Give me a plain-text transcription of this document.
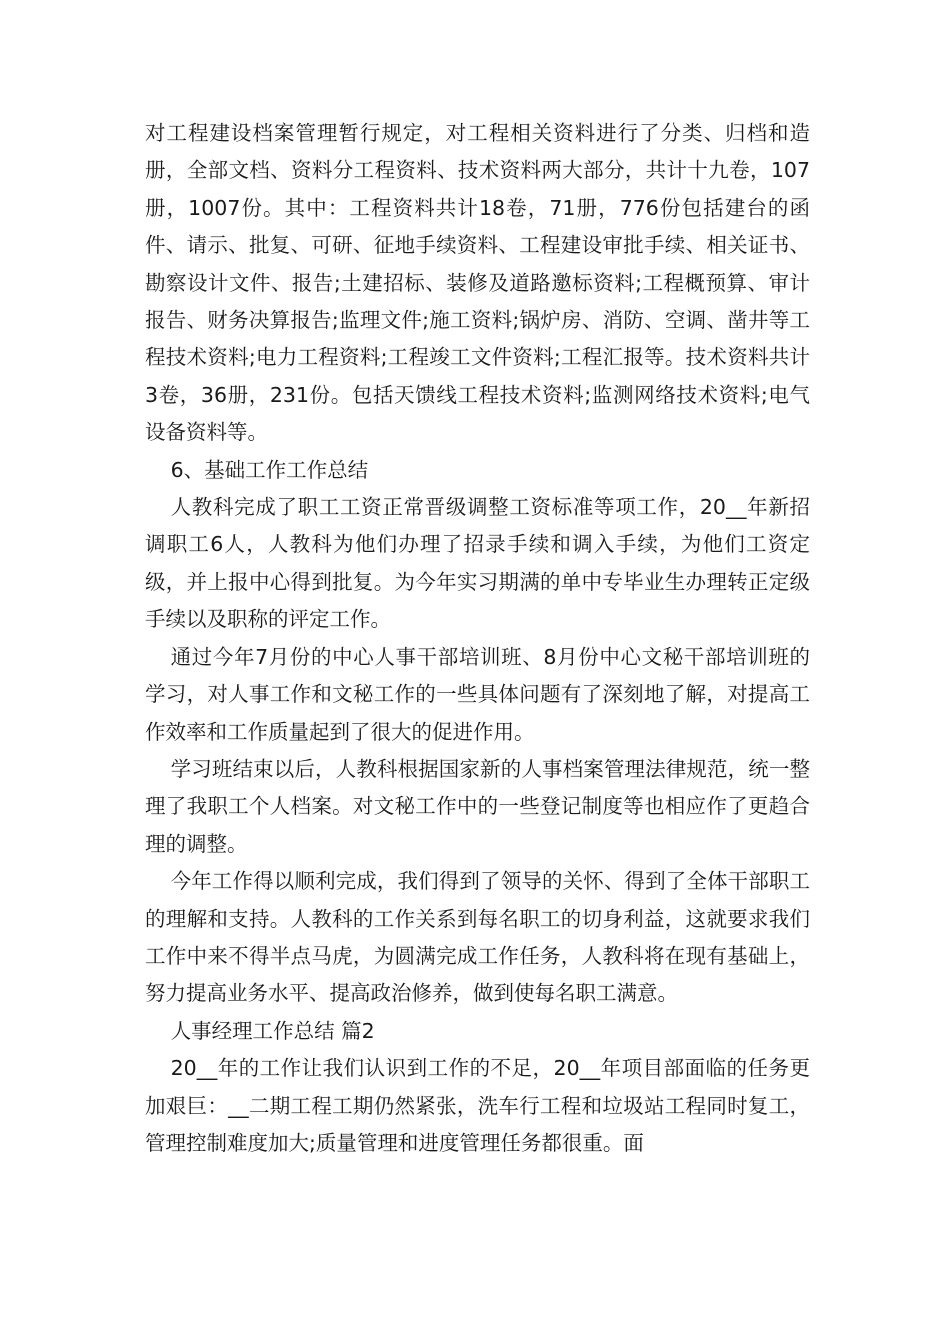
对工程建设档案管理暂行规定，对工程相关资料进行了分类、归档和造册，全部文档、资料分工程资料、技术资料两大部分，共计十九卷，107册，1007份。其中：工程资料共计18卷，71册，776份包括建台的函件、请示、批复、可研、征地手续资料、工程建设审批手续、相关证书、勘察设计文件、报告;土建招标、装修及道路邀标资料;工程概预算、审计报告、财务决算报告;监理文件;施工资料;锅炉房、消防、空调、凿井等工程技术资料;电力工程资料;工程竣工文件资料;工程汇报等。技术资料共计3卷，36册，231份。包括天馈线工程技术资料;监测网络技术资料;电气设备资料等。

6、基础工作工作总结

人教科完成了职工工资正常晋级调整工资标准等项工作，20__年新招调职工6人，人教科为他们办理了招录手续和调入手续，为他们工资定级，并上报中心得到批复。为今年实习期满的单中专毕业生办理转正定级手续以及职称的评定工作。

通过今年7月份的中心人事干部培训班、8月份中心文秘干部培训班的学习，对人事工作和文秘工作的一些具体问题有了深刻地了解，对提高工作效率和工作质量起到了很大的促进作用。

学习班结束以后，人教科根据国家新的人事档案管理法律规范，统一整理了我职工个人档案。对文秘工作中的一些登记制度等也相应作了更趋合理的调整。

今年工作得以顺利完成，我们得到了领导的关怀、得到了全体干部职工的理解和支持。人教科的工作关系到每名职工的切身利益，这就要求我们工作中来不得半点马虎，为圆满完成工作任务，人教科将在现有基础上，努力提高业务水平、提高政治修养，做到使每名职工满意。

人事经理工作总结 篇2

20__年的工作让我们认识到工作的不足，20__年项目部面临的任务更加艰巨：__二期工程工期仍然紧张，洗车行工程和垃圾站工程同时复工，管理控制难度加大;质量管理和进度管理任务都很重。面
